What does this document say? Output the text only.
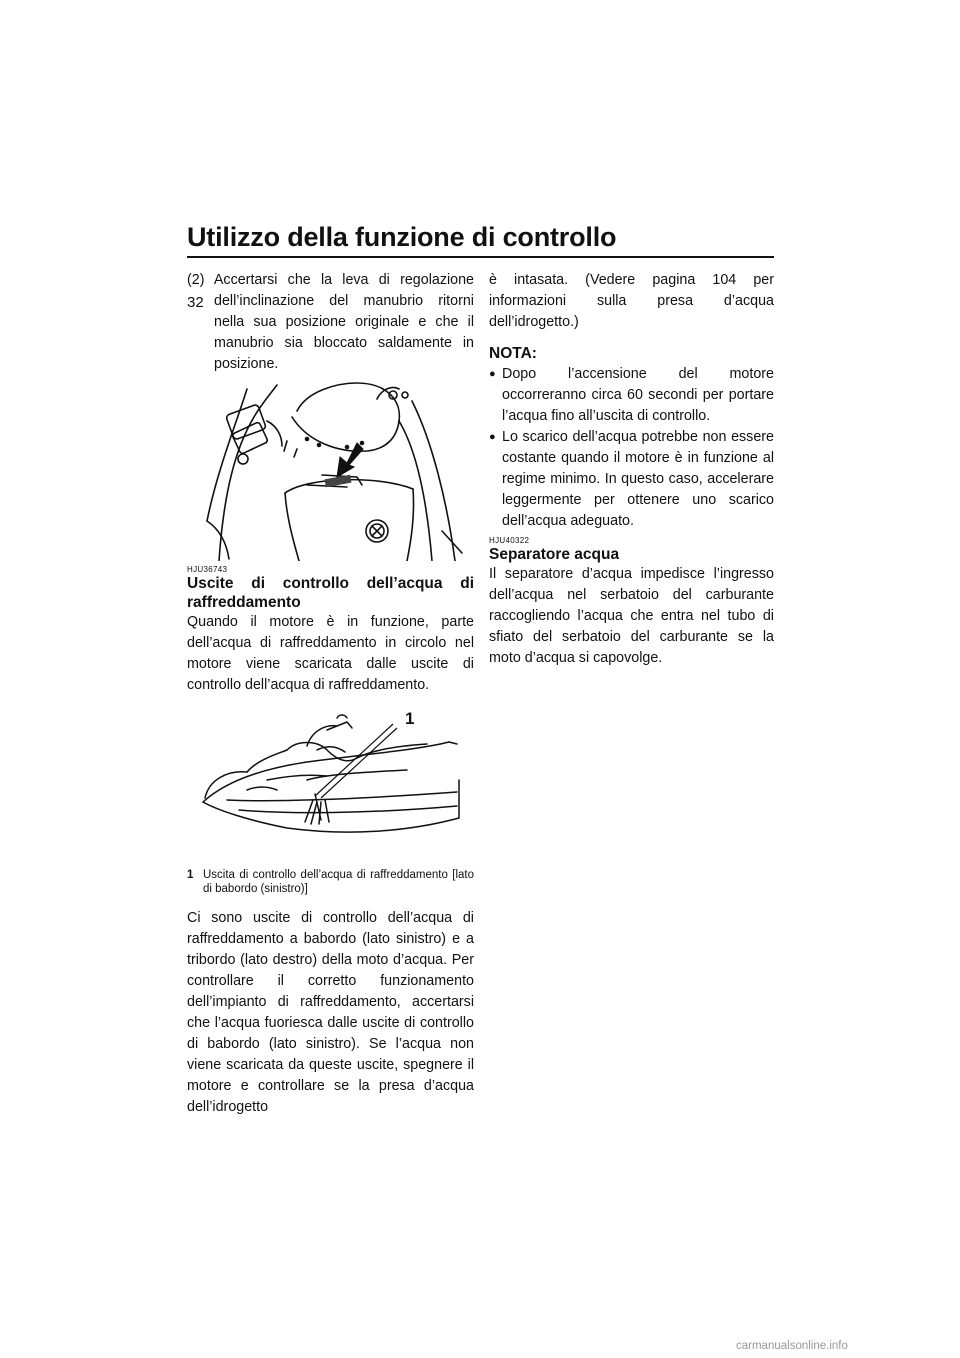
Utilizzo della funzione di controllo
32

(2) Accertarsi che la leva di regolazione dell’inclinazione del manubrio ritorni nella sua posizione originale e che il manubrio sia bloccato saldamente in posizione.

HJU36743
Uscite di controllo dell’acqua di raffreddamento

Quando il motore è in funzione, parte dell’acqua di raffreddamento in circolo nel motore viene scaricata dalle uscite di controllo dell’acqua di raffreddamento.

1

1 Uscita di controllo dell’acqua di raffreddamento [lato di babordo (sinistro)]

Ci sono uscite di controllo dell’acqua di raffreddamento a babordo (lato sinistro) e a tribordo (lato destro) della moto d’acqua. Per controllare il corretto funzionamento dell’impianto di raffreddamento, accertarsi che l’acqua fuoriesca dalle uscite di controllo di babordo (lato sinistro). Se l’acqua non viene scaricata da queste uscite, spegnere il motore e controllare se la presa d’acqua dell’idrogetto

è intasata. (Vedere pagina 104 per informazioni sulla presa d’acqua dell’idrogetto.)

NOTA:

● Dopo l’accensione del motore occorreranno circa 60 secondi per portare l’acqua fino all’uscita di controllo.

● Lo scarico dell’acqua potrebbe non essere costante quando il motore è in funzione al regime minimo. In questo caso, accelerare leggermente per ottenere uno scarico dell’acqua adeguato.

HJU40322
Separatore acqua

Il separatore d’acqua impedisce l’ingresso dell’acqua nel serbatoio del carburante raccogliendo l’acqua che entra nel tubo di sfiato del serbatoio del carburante se la moto d’acqua si capovolge.

carmanualsonline.info
